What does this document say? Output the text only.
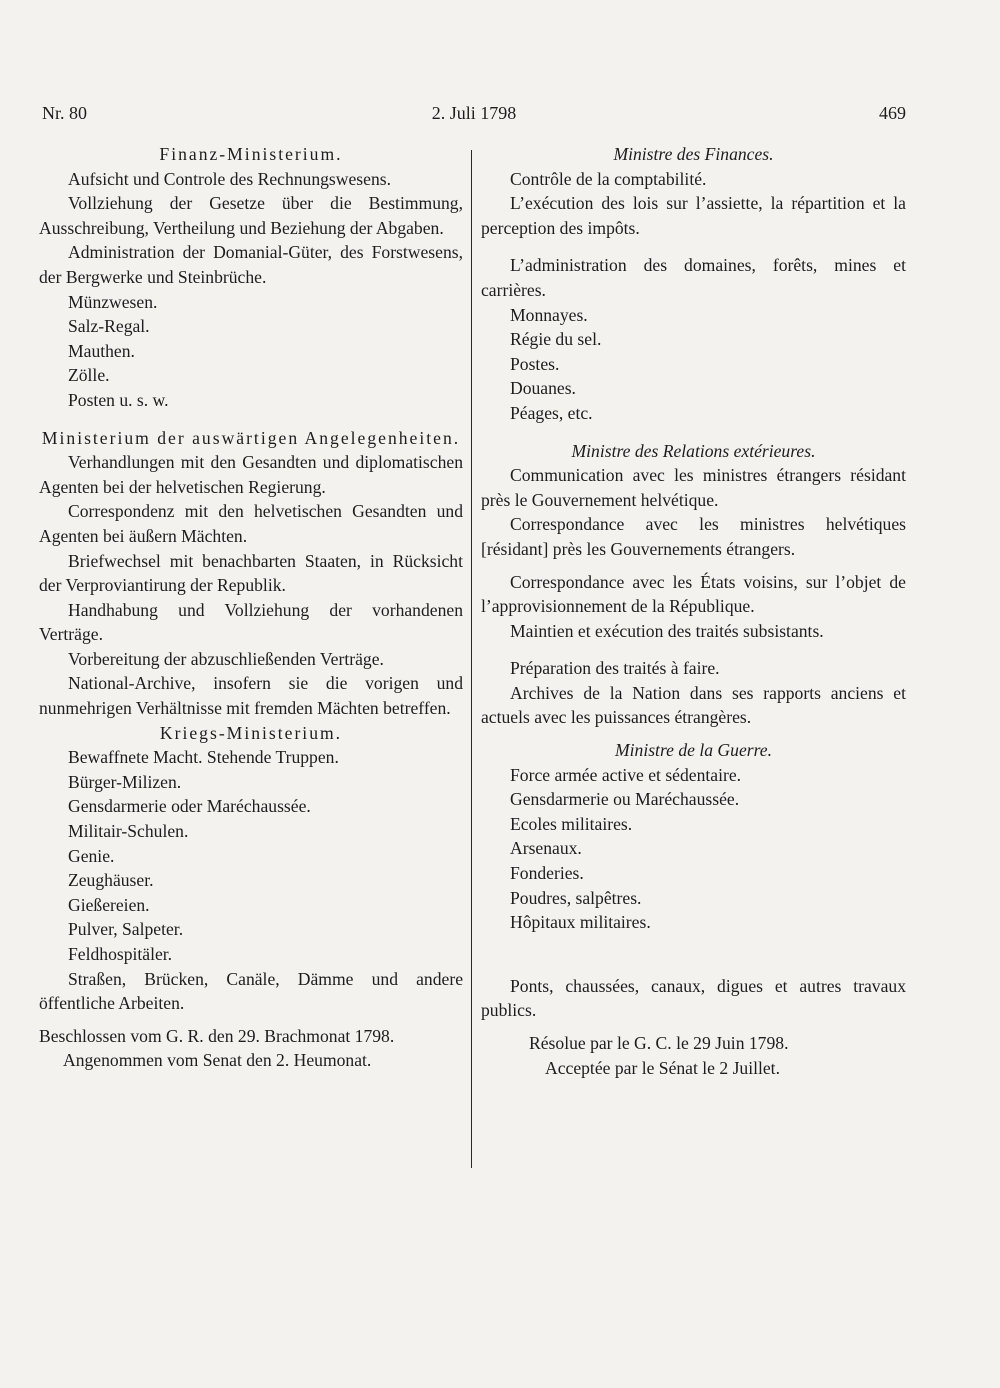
Nr. 80	2. Juli 1798	469

Finanz-Ministerium.

Aufsicht und Controle des Rechnungswesens.

Vollziehung der Gesetze über die Bestimmung, Ausschreibung, Vertheilung und Beziehung der Abgaben.

Administration der Domanial-Güter, des Forstwesens, der Bergwerke und Steinbrüche.

Münzwesen.

Salz-Regal.

Mauthen.

Zölle.

Posten u. s. w.

Ministerium der auswärtigen Angelegenheiten.

Verhandlungen mit den Gesandten und diplomatischen Agenten bei der helvetischen Regierung.

Correspondenz mit den helvetischen Gesandten und Agenten bei äußern Mächten.

Briefwechsel mit benachbarten Staaten, in Rücksicht der Verproviantirung der Republik.

Handhabung und Vollziehung der vorhandenen Verträge.

Vorbereitung der abzuschließenden Verträge.

National-Archive, insofern sie die vorigen und nunmehrigen Verhältnisse mit fremden Mächten betreffen.

Kriegs-Ministerium.

Bewaffnete Macht. Stehende Truppen.

Bürger-Milizen.

Gensdarmerie oder Maréchaussée.

Militair-Schulen.

Genie.

Zeughäuser.

Gießereien.

Pulver, Salpeter.

Feldhospitäler.

Straßen, Brücken, Canäle, Dämme und andere öffentliche Arbeiten.

Beschlossen vom G. R. den 29. Brachmonat 1798.

Angenommen vom Senat den 2. Heumonat.

Ministre des Finances.

Contrôle de la comptabilité.

L’exécution des lois sur l’assiette, la répartition et la perception des impôts.

L’administration des domaines, forêts, mines et carrières.

Monnayes.

Régie du sel.

Postes.

Douanes.

Péages, etc.

Ministre des Relations extérieures.

Communication avec les ministres étrangers résidant près le Gouvernement helvétique.

Correspondance avec les ministres helvétiques [résidant] près les Gouvernements étrangers.

Correspondance avec les États voisins, sur l’objet de l’approvisionnement de la République.

Maintien et exécution des traités subsistants.

Préparation des traités à faire.

Archives de la Nation dans ses rapports anciens et actuels avec les puissances étrangères.

Ministre de la Guerre.

Force armée active et sédentaire.

Gensdarmerie ou Maréchaussée.

Ecoles militaires.

Arsenaux.

Fonderies.

Poudres, salpêtres.

Hôpitaux militaires.

Ponts, chaussées, canaux, digues et autres travaux publics.

Résolue par le G. C. le 29 Juin 1798.

Acceptée par le Sénat le 2 Juillet.
